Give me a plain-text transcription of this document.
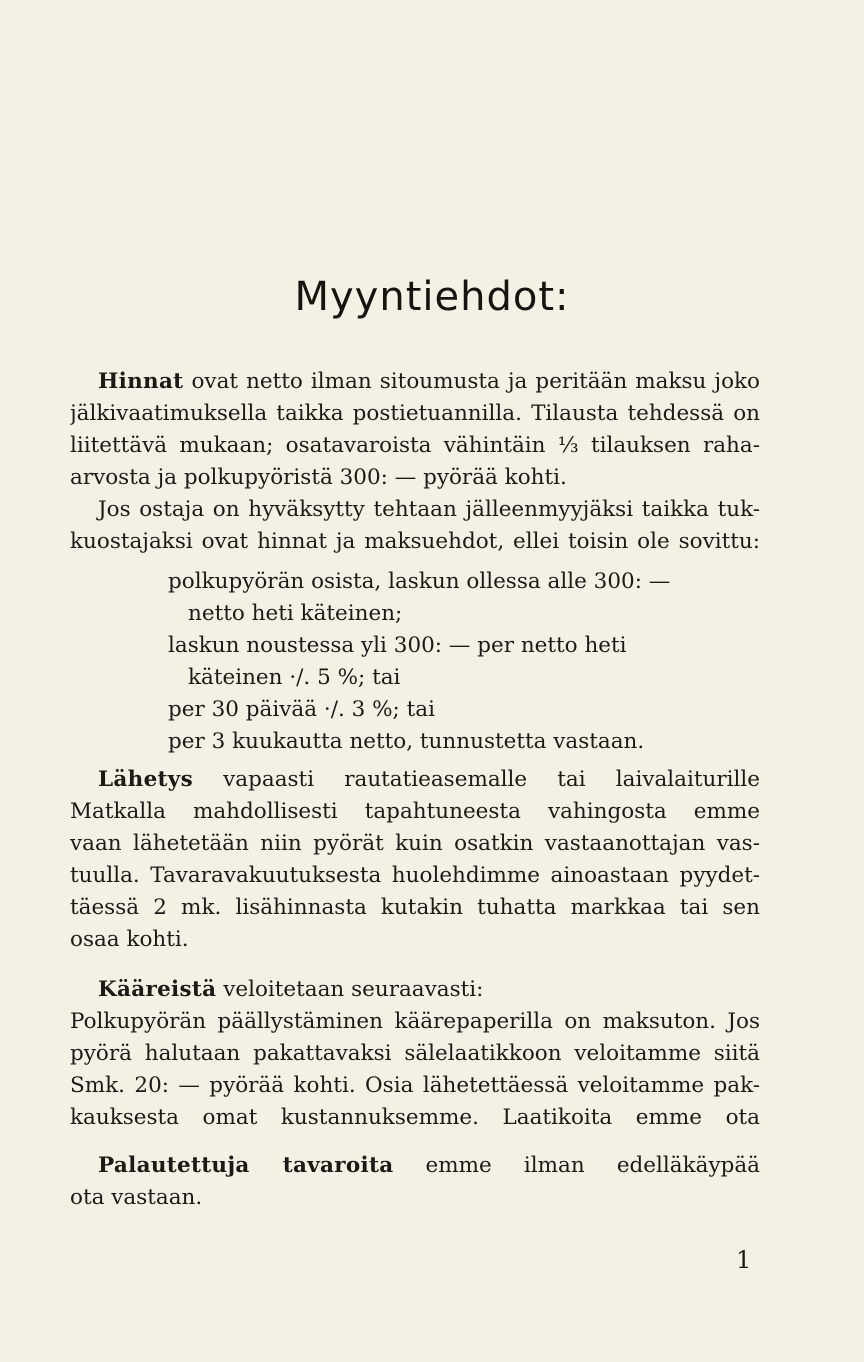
Myyntiehdot:
Hinnat ovat netto ilman sitoumusta ja peritään maksu joko
jälkivaatimuksella taikka postietuannilla. Tilausta tehdessä on
liitettävä mukaan; osatavaroista vähintäin ⅓ tilauksen raha-
arvosta ja polkupyöristä 300: — pyörää kohti.
Jos ostaja on hyväksytty tehtaan jälleenmyyjäksi taikka tuk-
kuostajaksi ovat hinnat ja maksuehdot, ellei toisin ole sovittu:
polkupyörän osista, laskun ollessa alle 300: —
netto heti käteinen;
laskun noustessa yli 300: — per netto heti
käteinen ·/. 5 %; tai
per 30 päivää ·/. 3 %; tai
per 3 kuukautta netto, tunnustetta vastaan.
Lähetys vapaasti rautatieasemalle tai laivalaiturille
Matkalla mahdollisesti tapahtuneesta vahingosta emme
vaan lähetetään niin pyörät kuin osatkin vastaanottajan vas-
tuulla. Tavaravakuutuksesta huolehdimme ainoastaan pyydet-
täessä 2 mk. lisähinnasta kutakin tuhatta markkaa tai sen
osaa kohti.
Kääreistä veloitetaan seuraavasti:
Polkupyörän päällystäminen käärepaperilla on maksuton. Jos
pyörä halutaan pakattavaksi sälelaatikkoon veloitamme siitä
Smk. 20: — pyörää kohti. Osia lähetettäessä veloitamme pak-
kauksesta omat kustannuksemme. Laatikoita emme ota
Palautettuja tavaroita emme ilman edelläkäypää
ota vastaan.
1
